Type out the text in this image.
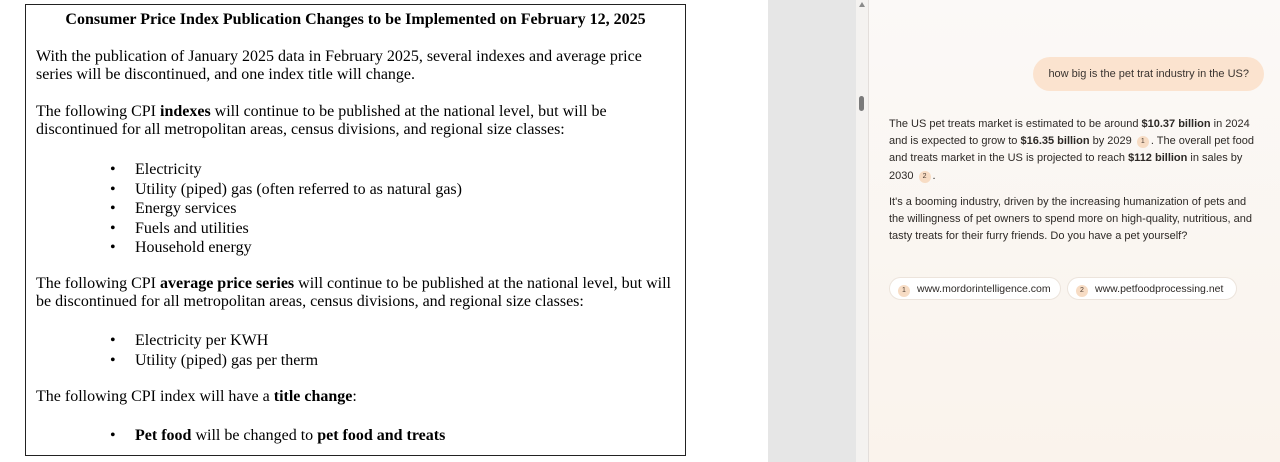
Consumer Price Index Publication Changes to be Implemented on February 12, 2025
With the publication of January 2025 data in February 2025, several indexes and average price series will be discontinued, and one index title will change.
The following CPI indexes will continue to be published at the national level, but will be discontinued for all metropolitan areas, census divisions, and regional size classes:
• Electricity
• Utility (piped) gas (often referred to as natural gas)
• Energy services
• Fuels and utilities
• Household energy
The following CPI average price series will continue to be published at the national level, but will be discontinued for all metropolitan areas, census divisions, and regional size classes:
• Electricity per KWH
• Utility (piped) gas per therm
The following CPI index will have a title change:
• Pet food will be changed to pet food and treats
how big is the pet trat industry in the US?

The US pet treats market is estimated to be around $10.37 billion in 2024 and is expected to grow to $16.35 billion by 2029 1 . The overall pet food and treats market in the US is projected to reach $112 billion in sales by 2030 2 .

It's a booming industry, driven by the increasing humanization of pets and the willingness of pet owners to spend more on high-quality, nutritious, and tasty treats for their furry friends. Do you have a pet yourself?

1 www.mordorintelligence.com	2 www.petfoodprocessing.net
